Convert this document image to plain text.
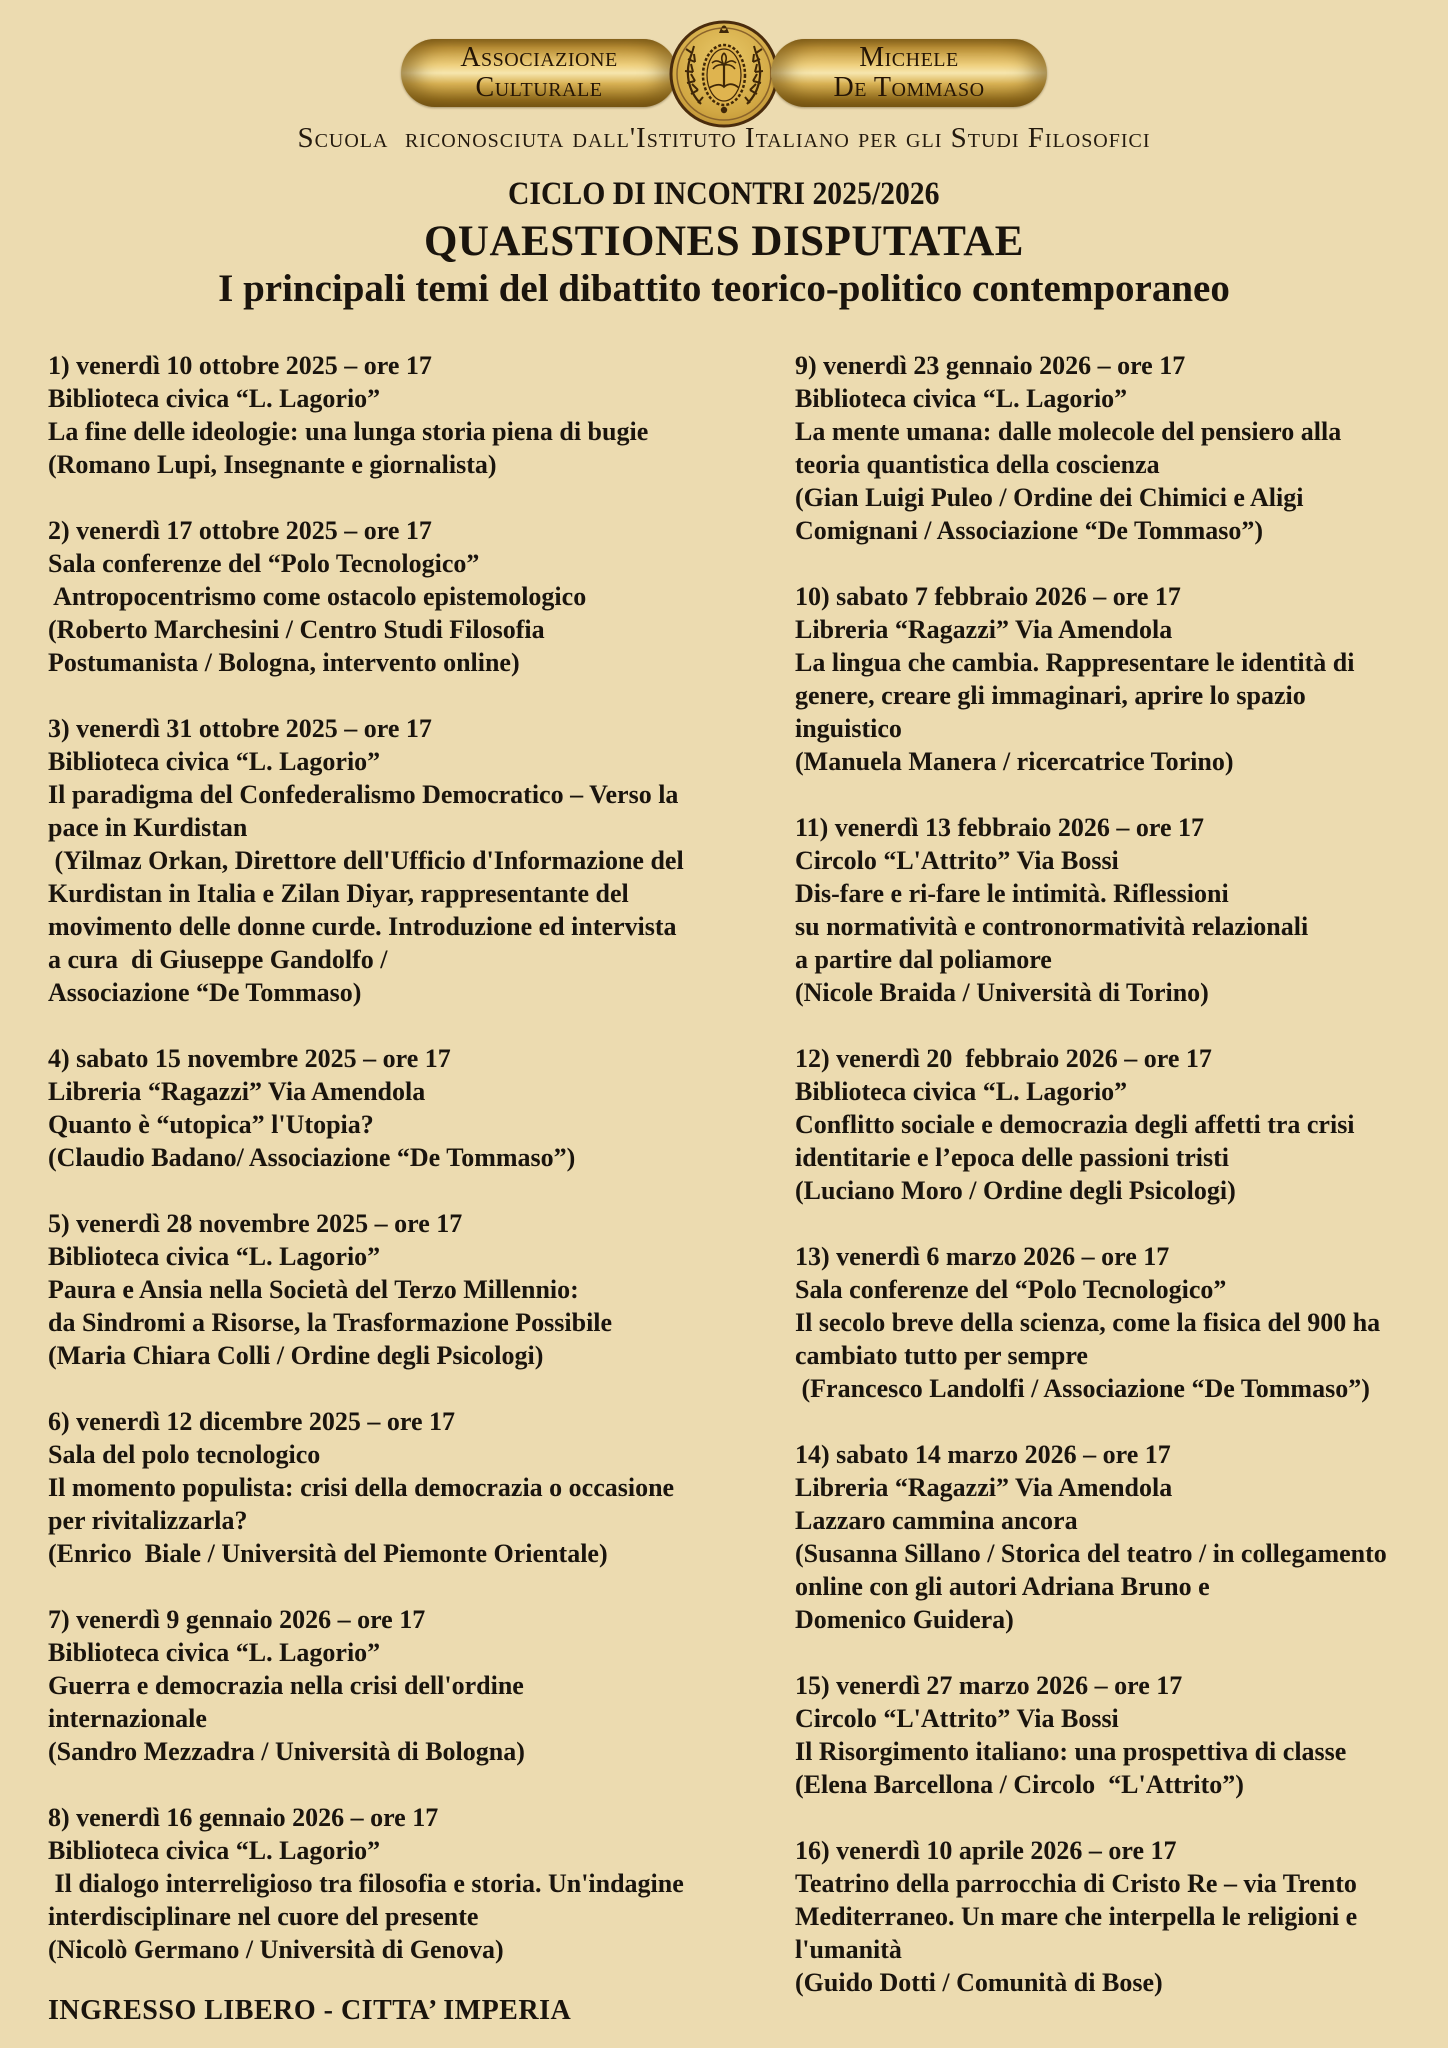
Associazione
Culturale
Michele
De Tommaso
Scuola  riconosciuta dall'Istituto Italiano per gli Studi Filosofici
CICLO DI INCONTRI 2025/2026
QUAESTIONES DISPUTATAE
I principali temi del dibattito teorico-politico contemporaneo
1) venerdì 10 ottobre 2025 – ore 17
Biblioteca civica “L. Lagorio”
La fine delle ideologie: una lunga storia piena di bugie
(Romano Lupi, Insegnante e giornalista)
2) venerdì 17 ottobre 2025 – ore 17
Sala conferenze del “Polo Tecnologico”
Antropocentrismo come ostacolo epistemologico
(Roberto Marchesini / Centro Studi Filosofia
Postumanista / Bologna, intervento online)
3) venerdì 31 ottobre 2025 – ore 17
Biblioteca civica “L. Lagorio”
Il paradigma del Confederalismo Democratico – Verso la
pace in Kurdistan
(Yilmaz Orkan, Direttore dell'Ufficio d'Informazione del
Kurdistan in Italia e Zilan Diyar, rappresentante del
movimento delle donne curde. Introduzione ed intervista
a cura  di Giuseppe Gandolfo /
Associazione “De Tommaso)
4) sabato 15 novembre 2025 – ore 17
Libreria “Ragazzi” Via Amendola
Quanto è “utopica” l'Utopia?
(Claudio Badano/ Associazione “De Tommaso”)
5) venerdì 28 novembre 2025 – ore 17
Biblioteca civica “L. Lagorio”
Paura e Ansia nella Società del Terzo Millennio:
da Sindromi a Risorse, la Trasformazione Possibile
(Maria Chiara Colli / Ordine degli Psicologi)
6) venerdì 12 dicembre 2025 – ore 17
Sala del polo tecnologico
Il momento populista: crisi della democrazia o occasione
per rivitalizzarla?
(Enrico  Biale / Università del Piemonte Orientale)
7) venerdì 9 gennaio 2026 – ore 17
Biblioteca civica “L. Lagorio”
Guerra e democrazia nella crisi dell'ordine
internazionale
(Sandro Mezzadra / Università di Bologna)
8) venerdì 16 gennaio 2026 – ore 17
Biblioteca civica “L. Lagorio”
Il dialogo interreligioso tra filosofia e storia. Un'indagine
interdisciplinare nel cuore del presente
(Nicolò Germano / Università di Genova)
9) venerdì 23 gennaio 2026 – ore 17
Biblioteca civica “L. Lagorio”
La mente umana: dalle molecole del pensiero alla
teoria quantistica della coscienza
(Gian Luigi Puleo / Ordine dei Chimici e Aligi
Comignani / Associazione “De Tommaso”)
10) sabato 7 febbraio 2026 – ore 17
Libreria “Ragazzi” Via Amendola
La lingua che cambia. Rappresentare le identità di
genere, creare gli immaginari, aprire lo spazio
inguistico
(Manuela Manera / ricercatrice Torino)
11) venerdì 13 febbraio 2026 – ore 17
Circolo “L'Attrito” Via Bossi
Dis-fare e ri-fare le intimità. Riflessioni
su normatività e contronormatività relazionali
a partire dal poliamore
(Nicole Braida / Università di Torino)
12) venerdì 20  febbraio 2026 – ore 17
Biblioteca civica “L. Lagorio”
Conflitto sociale e democrazia degli affetti tra crisi
identitarie e l’epoca delle passioni tristi
(Luciano Moro / Ordine degli Psicologi)
13) venerdì 6 marzo 2026 – ore 17
Sala conferenze del “Polo Tecnologico”
Il secolo breve della scienza, come la fisica del 900 ha
cambiato tutto per sempre
(Francesco Landolfi / Associazione “De Tommaso”)
14) sabato 14 marzo 2026 – ore 17
Libreria “Ragazzi” Via Amendola
Lazzaro cammina ancora
(Susanna Sillano / Storica del teatro / in collegamento
online con gli autori Adriana Bruno e
Domenico Guidera)
15) venerdì 27 marzo 2026 – ore 17
Circolo “L'Attrito” Via Bossi
Il Risorgimento italiano: una prospettiva di classe
(Elena Barcellona / Circolo  “L'Attrito”)
16) venerdì 10 aprile 2026 – ore 17
Teatrino della parrocchia di Cristo Re – via Trento
Mediterraneo. Un mare che interpella le religioni e
l'umanità
(Guido Dotti / Comunità di Bose)
INGRESSO LIBERO - CITTA’ IMPERIA
